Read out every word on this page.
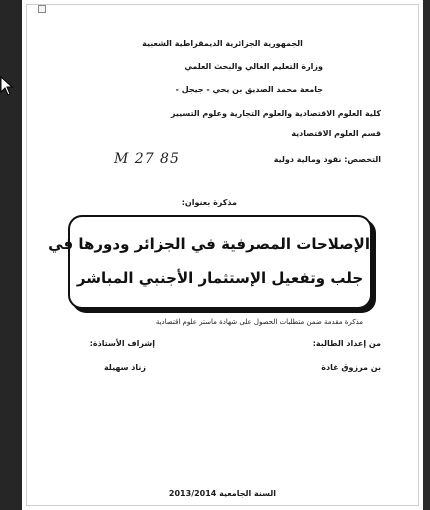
الجمهورية الجزائرية الديمقراطية الشعبية
وزارة التعليم العالي والبحث العلمي
جامعة محمد الصديق بن يحي - جيجل -
كلية العلوم الاقتصادية والعلوم التجارية وعلوم التسيير
قسم العلوم الاقتصادية
التخصص: نقود ومالية دولية
M 27 85
مذكرة بعنوان:
الإصلاحات المصرفية في الجزائر ودورها في
جلب وتفعيل الإستثمار الأجنبي المباشر
مذكرة مقدمة ضمن متطلبات الحصول على شهادة ماستر علوم اقتصادية
من إعداد الطالبة:
إشراف الأستاذة:
بن مرزوق غادة
زناد سهيلة
السنة الجامعية 2013/2014
